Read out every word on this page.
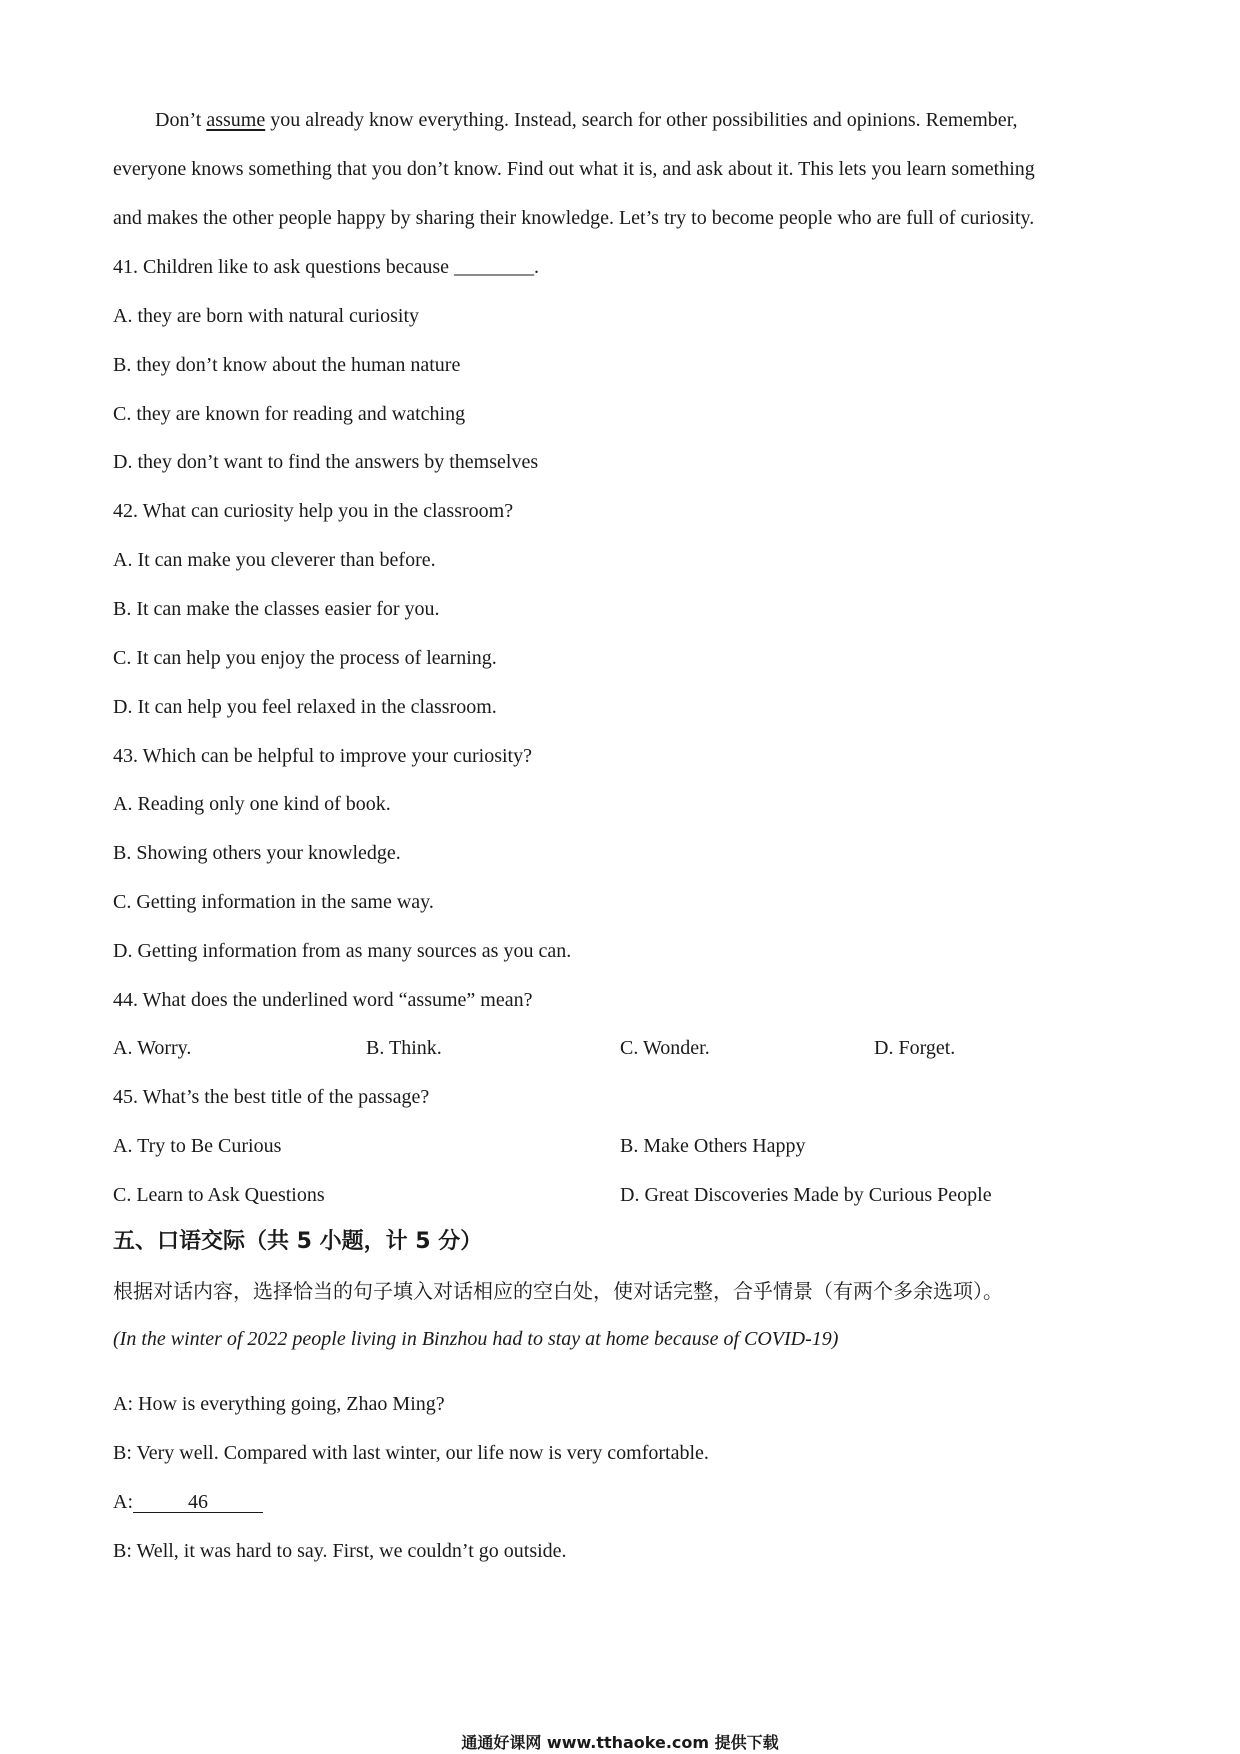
Don’t assume you already know everything. Instead, search for other possibilities and opinions. Remember,
everyone knows something that you don’t know. Find out what it is, and ask about it. This lets you learn something
and makes the other people happy by sharing their knowledge. Let’s try to become people who are full of curiosity.
41. Children like to ask questions because ________.
A. they are born with natural curiosity
B. they don’t know about the human nature
C. they are known for reading and watching
D. they don’t want to find the answers by themselves
42. What can curiosity help you in the classroom?
A. It can make you cleverer than before.
B. It can make the classes easier for you.
C. It can help you enjoy the process of learning.
D. It can help you feel relaxed in the classroom.
43. Which can be helpful to improve your curiosity?
A. Reading only one kind of book.
B. Showing others your knowledge.
C. Getting information in the same way.
D. Getting information from as many sources as you can.
44. What does the underlined word “assume” mean?
A. Worry.	B. Think.	C. Wonder.	D. Forget.
45. What’s the best title of the passage?
A. Try to Be Curious	B. Make Others Happy
C. Learn to Ask Questions	D. Great Discoveries Made by Curious People
五、口语交际（共 5 小题，计 5 分）
根据对话内容，选择恰当的句子填入对话相应的空白处，使对话完整，合乎情景（有两个多余选项）。
(In the winter of 2022 people living in Binzhou had to stay at home because of COVID-19)
A: How is everything going, Zhao Ming?
B: Very well. Compared with last winter, our life now is very comfortable.
A:	46
B: Well, it was hard to say. First, we couldn’t go outside.
通通好课网 www.tthaoke.com 提供下载
